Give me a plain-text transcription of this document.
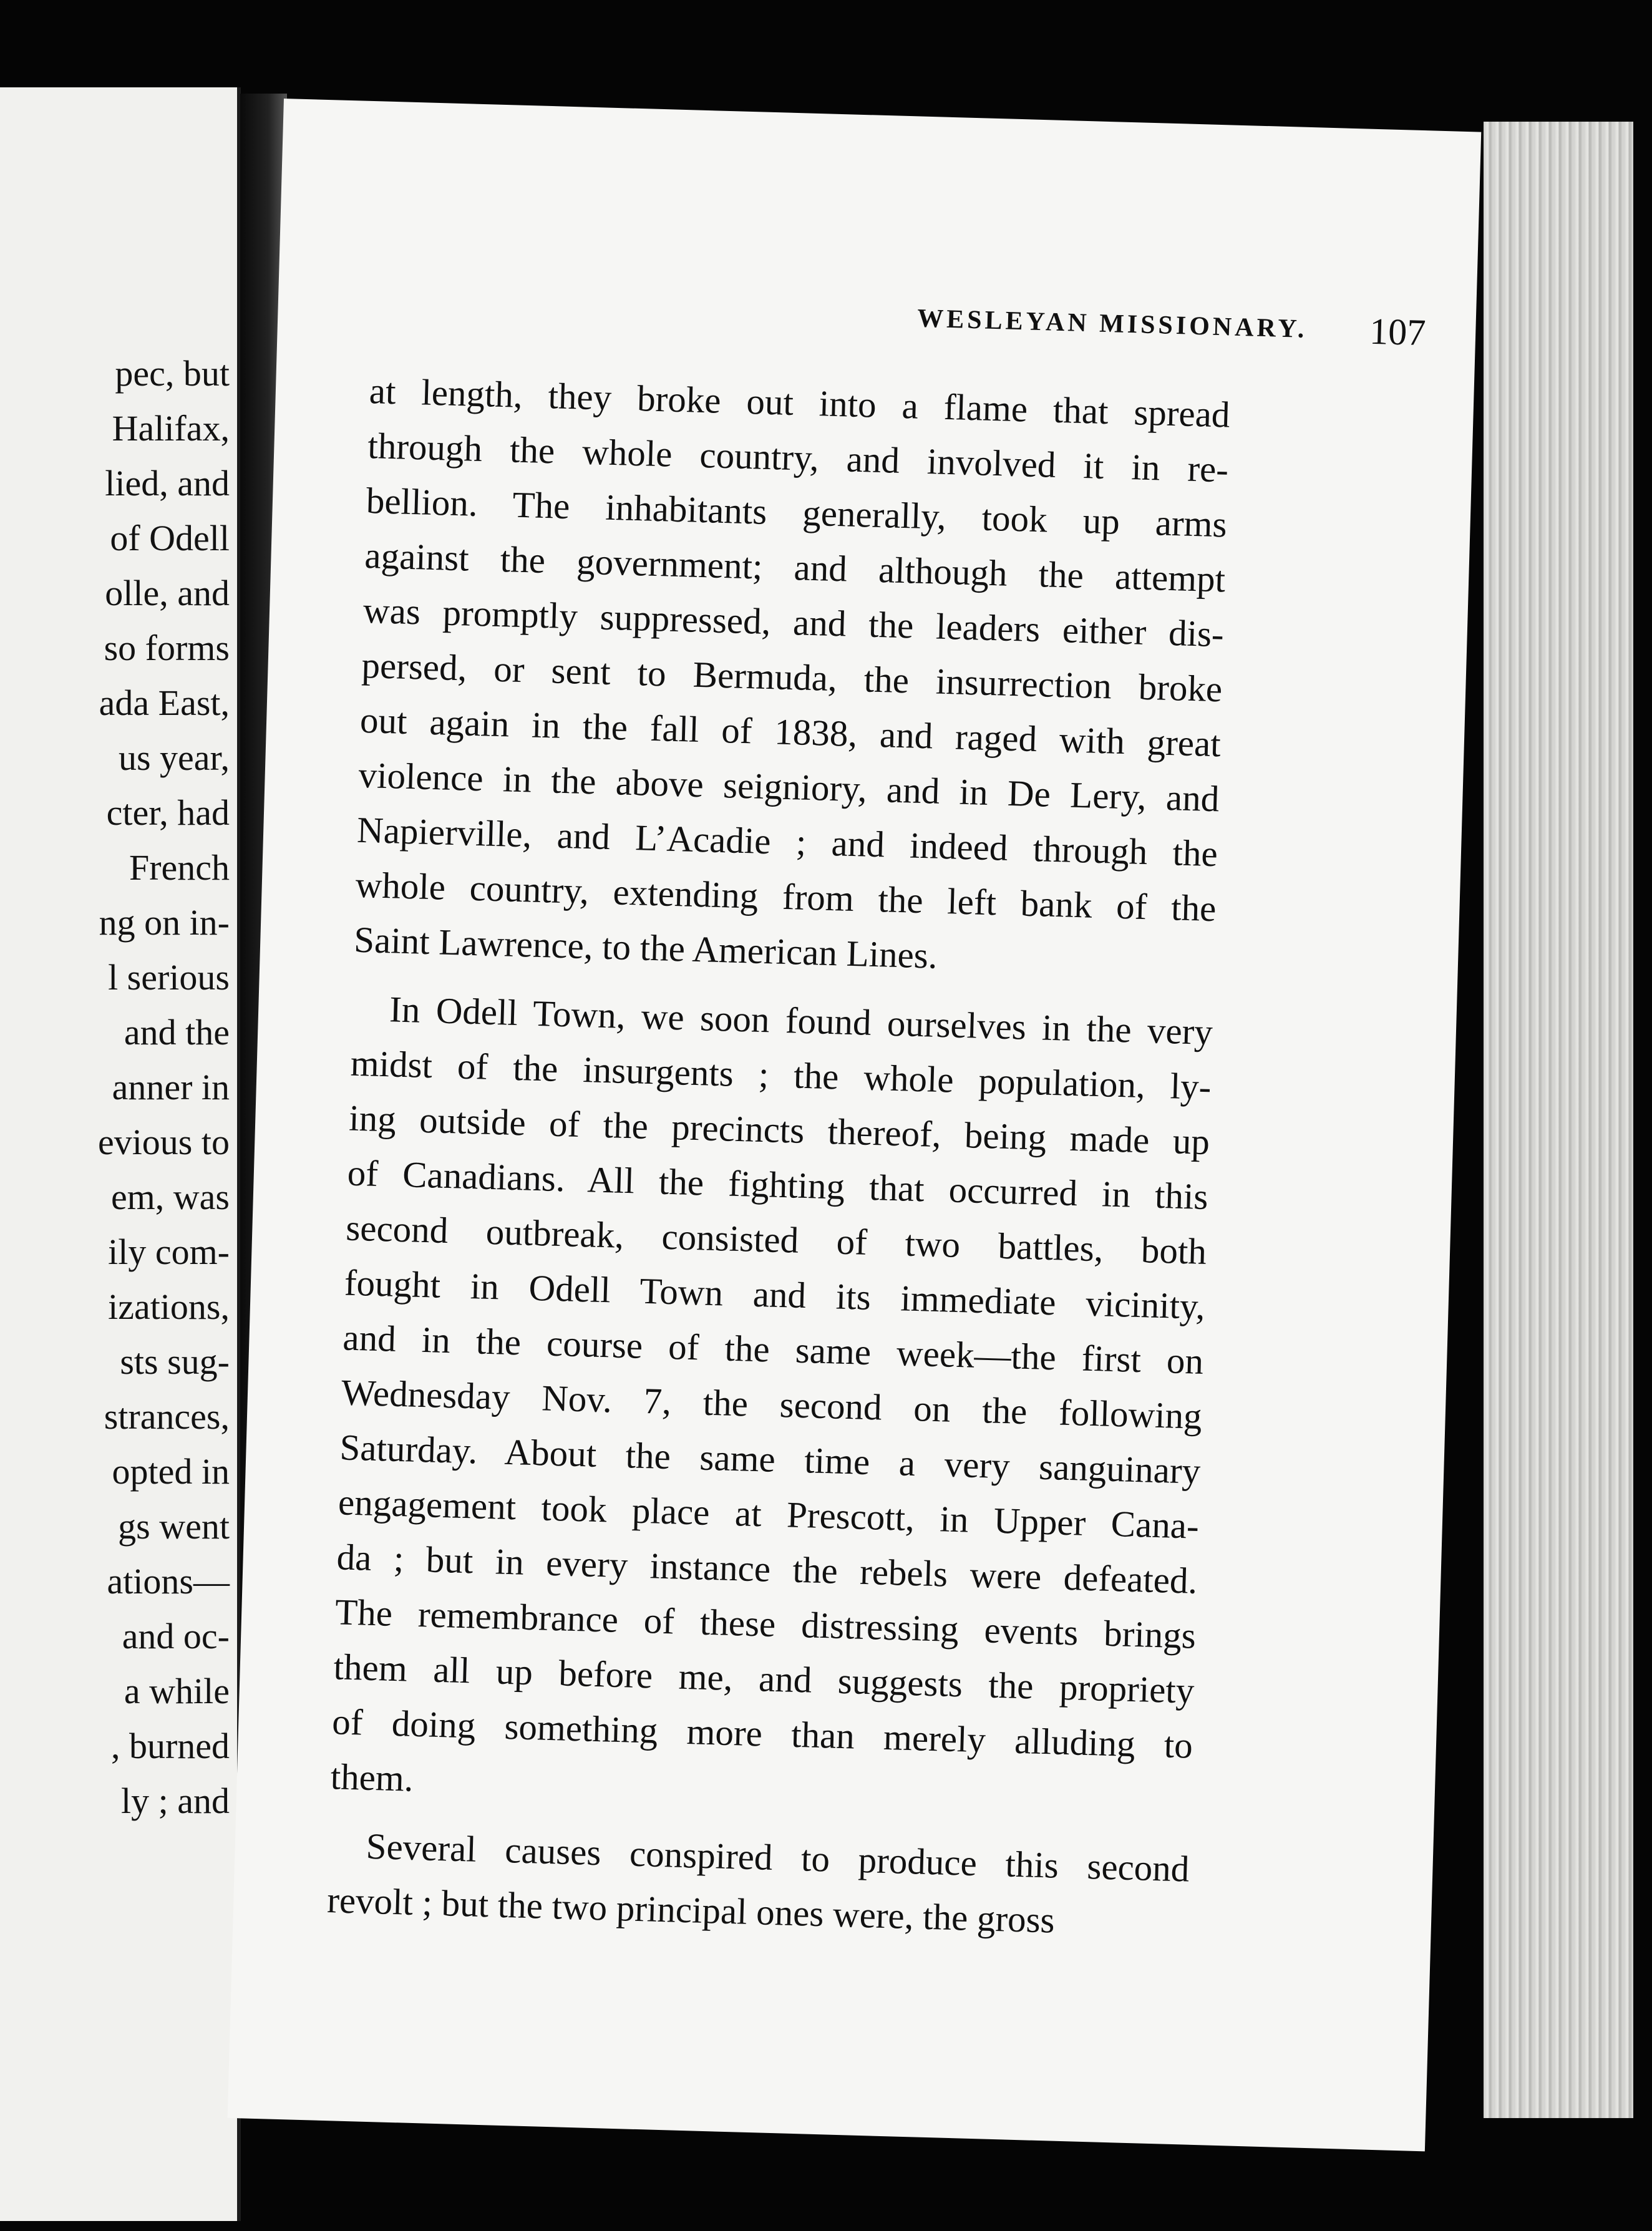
pec, but
Halifax,
lied, and
of Odell
olle, and
so forms
ada East,
us year,
cter, had
French
ng on in-
l serious
and the
anner in
evious to
em, was
ily com-
izations,
sts sug-
strances,
opted in
gs went
ations—
and oc-
a while
, burned
ly ; and
WESLEYAN MISSIONARY.	107
at length, they broke out into a flame that spread
through the whole country, and involved it in re-
bellion. The inhabitants generally, took up arms
against the government; and although the attempt
was promptly suppressed, and the leaders either dis-
persed, or sent to Bermuda, the insurrection broke
out again in the fall of 1838, and raged with great
violence in the above seigniory, and in De Lery, and
Napierville, and L’Acadie ; and indeed through the
whole country, extending from the left bank of the
Saint Lawrence, to the American Lines.
In Odell Town, we soon found ourselves in the very
midst of the insurgents ; the whole population, ly-
ing outside of the precincts thereof, being made up
of Canadians. All the fighting that occurred in this
second outbreak, consisted of two battles, both
fought in Odell Town and its immediate vicinity,
and in the course of the same week—the first on
Wednesday Nov. 7, the second on the following
Saturday. About the same time a very sanguinary
engagement took place at Prescott, in Upper Cana-
da ; but in every instance the rebels were defeated.
The remembrance of these distressing events brings
them all up before me, and suggests the propriety
of doing something more than merely alluding to
them.
Several causes conspired to produce this second
revolt ; but the two principal ones were, the gross
